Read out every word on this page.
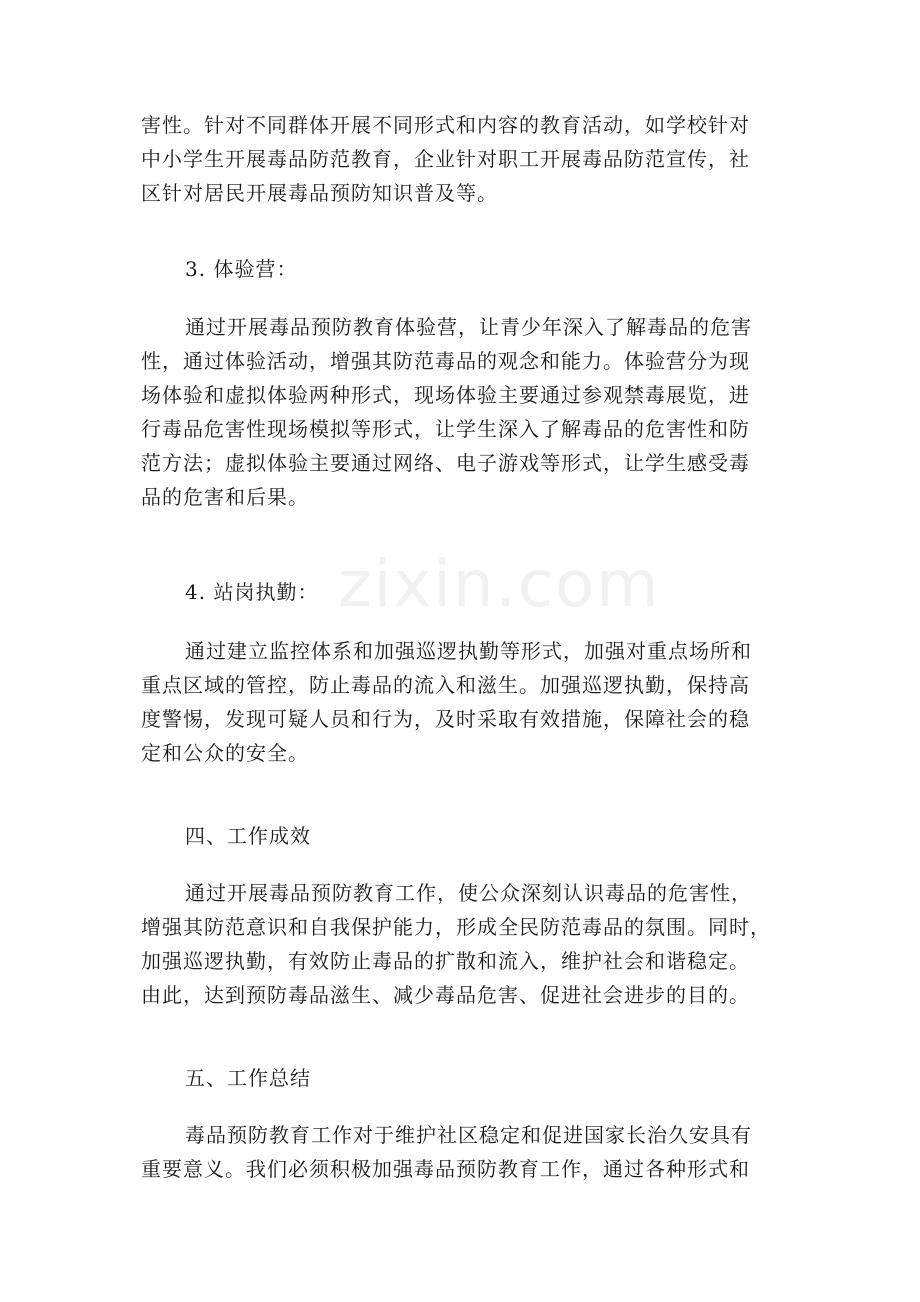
zixin.com
害性。针对不同群体开展不同形式和内容的教育活动，如学校针对
中小学生开展毒品防范教育，企业针对职工开展毒品防范宣传，社
区针对居民开展毒品预防知识普及等。
3. 体验营：
通过开展毒品预防教育体验营，让青少年深入了解毒品的危害
性，通过体验活动，增强其防范毒品的观念和能力。体验营分为现
场体验和虚拟体验两种形式，现场体验主要通过参观禁毒展览，进
行毒品危害性现场模拟等形式，让学生深入了解毒品的危害性和防
范方法；虚拟体验主要通过网络、电子游戏等形式，让学生感受毒
品的危害和后果。
4. 站岗执勤：
通过建立监控体系和加强巡逻执勤等形式，加强对重点场所和
重点区域的管控，防止毒品的流入和滋生。加强巡逻执勤，保持高
度警惕，发现可疑人员和行为，及时采取有效措施，保障社会的稳
定和公众的安全。
四、工作成效
通过开展毒品预防教育工作，使公众深刻认识毒品的危害性，
增强其防范意识和自我保护能力，形成全民防范毒品的氛围。同时，
加强巡逻执勤，有效防止毒品的扩散和流入，维护社会和谐稳定。
由此，达到预防毒品滋生、减少毒品危害、促进社会进步的目的。
五、工作总结
毒品预防教育工作对于维护社区稳定和促进国家长治久安具有
重要意义。我们必须积极加强毒品预防教育工作，通过各种形式和
